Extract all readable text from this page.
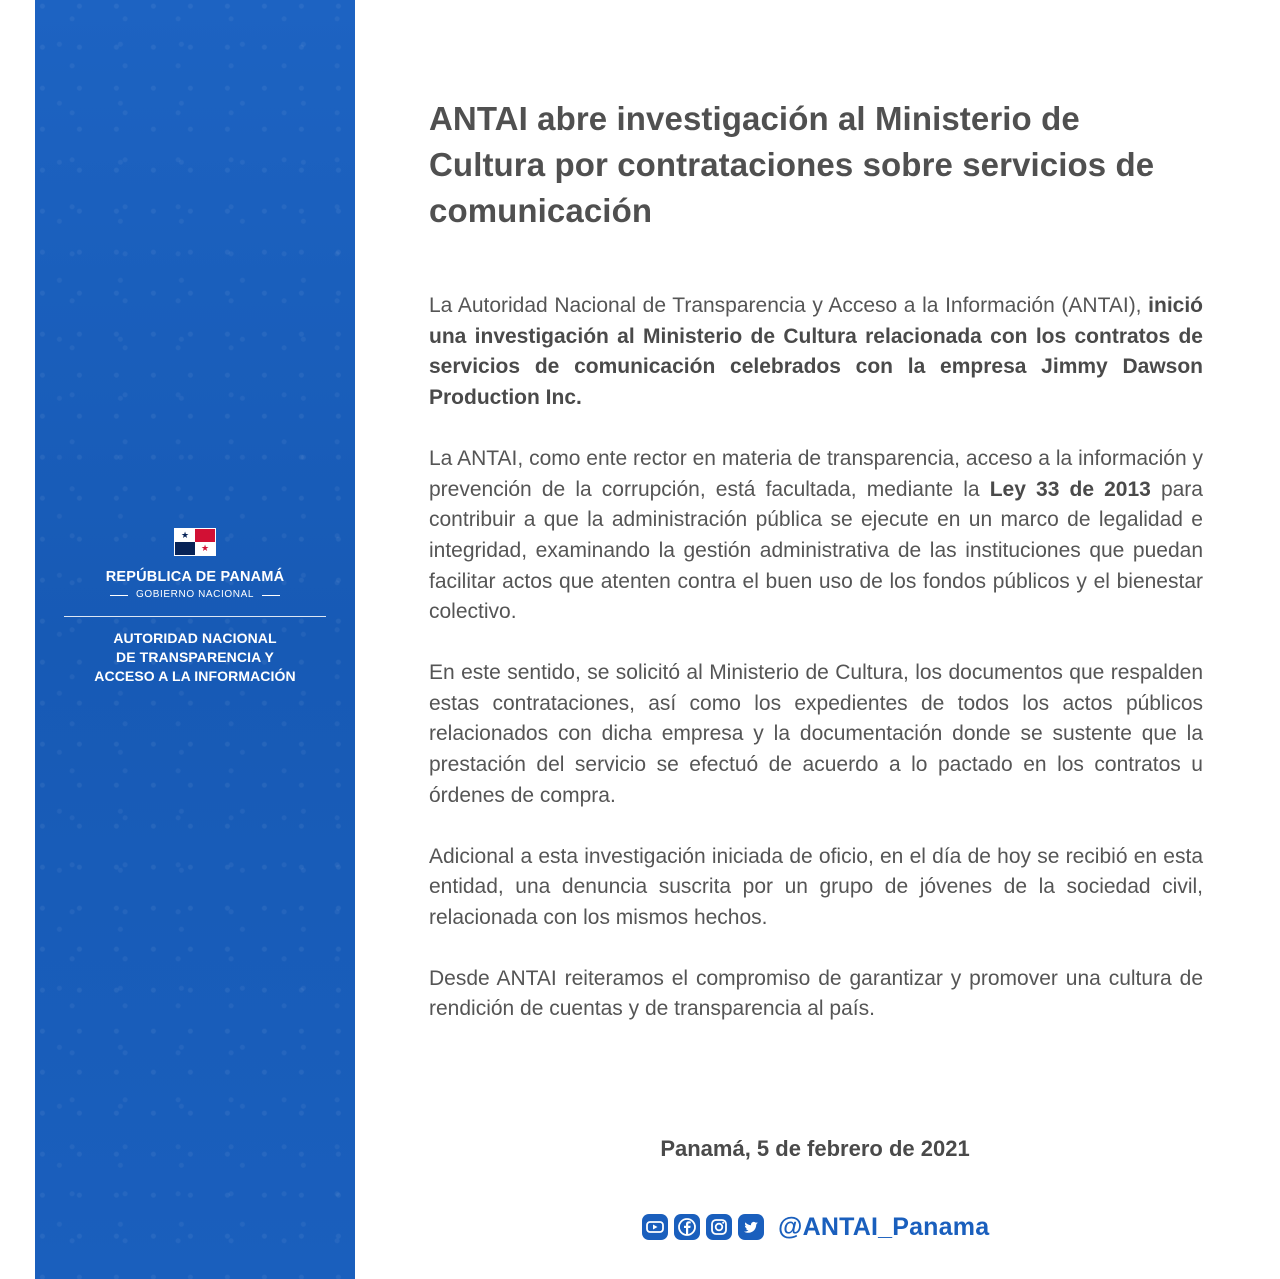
★
★
REPÚBLICA DE PANAMÁ
GOBIERNO NACIONAL
AUTORIDAD NACIONAL
DE TRANSPARENCIA Y
ACCESO A LA INFORMACIÓN
ANTAI abre investigación al Ministerio de Cultura por contrataciones sobre servicios de comunicación

La Autoridad Nacional de Transparencia y Acceso a la Información (ANTAI), inició una investigación al Ministerio de Cultura relacionada con los contratos de servicios de comunicación celebrados con la empresa Jimmy Dawson Production Inc.

La ANTAI, como ente rector en materia de transparencia, acceso a la información y prevención de la corrupción, está facultada, mediante la Ley 33 de 2013 para contribuir a que la administración pública se ejecute en un marco de legalidad e integridad, examinando la gestión administrativa de las instituciones que puedan facilitar actos que atenten contra el buen uso de los fondos públicos y el bienestar colectivo.

En este sentido, se solicitó al Ministerio de Cultura, los documentos que respalden estas contrataciones, así como los expedientes de todos los actos públicos relacionados con dicha empresa y la documentación donde se sustente que la prestación del servicio se efectuó de acuerdo a lo pactado en los contratos u órdenes de compra.

Adicional a esta investigación iniciada de oficio, en el día de hoy se recibió en esta entidad, una denuncia suscrita por un grupo de jóvenes de la sociedad civil, relacionada con los mismos hechos.

Desde ANTAI reiteramos el compromiso de garantizar y promover una cultura de rendición de cuentas y de transparencia al país.

Panamá, 5 de febrero de 2021
@ANTAI_Panama
